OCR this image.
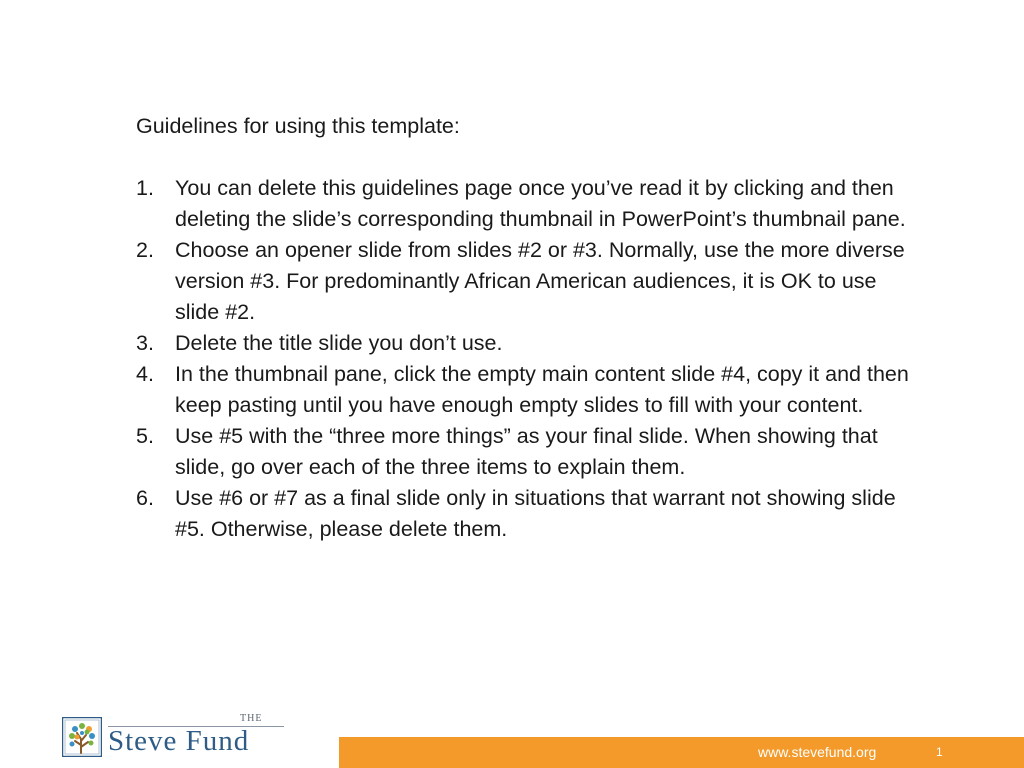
Guidelines for using this template:
1. You can delete this guidelines page once you’ve read it by clicking and then deleting the slide’s corresponding thumbnail in PowerPoint’s thumbnail pane.
2. Choose an opener slide from slides #2 or #3. Normally, use the more diverse version #3. For predominantly African American audiences, it is OK to use slide #2.
3. Delete the title slide you don’t use.
4. In the thumbnail pane, click the empty main content slide #4, copy it and then keep pasting until you have enough empty slides to fill with your content.
5. Use #5 with the “three more things” as your final slide. When showing that slide, go over each of the three items to explain them.
6. Use #6 or #7 as a final slide only in situations that warrant not showing slide #5. Otherwise, please delete them.
THE
Steve Fund	www.stevefund.org	1
